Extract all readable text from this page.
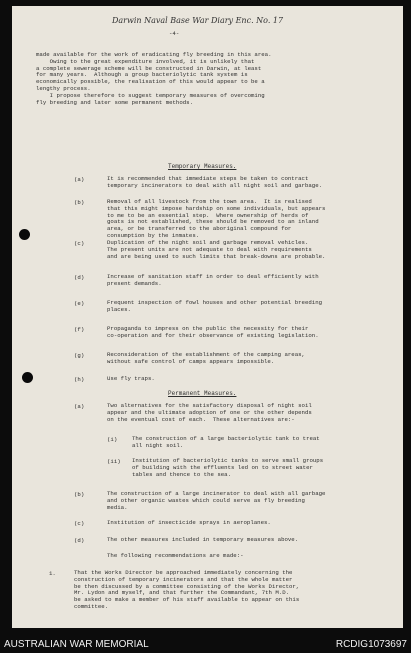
Darwin Naval Base War Diary Enc. No. 17
-4-
made available for the work of eradicating fly breeding in this area.
Owing to the great expenditure involved, it is unlikely that
a complete sewerage scheme will be constructed in Darwin, at least
for many years.  Although a group bacteriolytic tank system is
economically possible, the realisation of this would appear to be a
lengthy process.
I propose therefore to suggest temporary measures of overcoming
fly breeding and later some permanent methods.
Temporary Measures.
(a)	It is recommended that immediate steps be taken to contract
temporary incinerators to deal with all night soil and garbage.
(b)	Removal of all livestock from the town area.  It is realised
that this might impose hardship on some individuals, but appears
to me to be an essential step.  Where ownership of herds of
goats is not established, these should be removed to an inland
area, or be transferred to the aboriginal compound for
consumption by the inmates.
(c)	Duplication of the night soil and garbage removal vehicles.
The present units are not adequate to deal with requirements
and are being used to such limits that break-downs are probable.
(d)	Increase of sanitation staff in order to deal efficiently with
present demands.
(e)	Frequent inspection of fowl houses and other potential breeding
places.
(f)	Propaganda to impress on the public the necessity for their
co-operation and for their observance of existing legislation.
(g)	Reconsideration of the establishment of the camping areas,
without safe control of camps appears impossible.
(h)	Use fly traps.
Permanent Measures.
(a)	Two alternatives for the satisfactory disposal of night soil
appear and the ultimate adoption of one or the other depends
on the eventual cost of each.  These alternatives are:-
(i)	The construction of a large bacteriolytic tank to treat
all night soil.
(ii) Institution of bacteriolytic tanks to serve small groups
of building with the effluents led on to street water
tables and thence to the sea.
(b)	The construction of a large incinerator to deal with all garbage
and other organic wastes which could serve as fly breeding
media.
(c)	Institution of insecticide sprays in aeroplanes.
(d)	The other measures included in temporary measures above.
The following recommendations are made:-
1.	That the Works Director be approached immediately concerning the
construction of temporary incinerators and that the whole matter
be then discussed by a committee consisting of the Works Director,
Mr. Lydon and myself, and that further the Commandant, 7th M.D.
be asked to make a member of his staff available to appear on this
committee.
AUSTRALIAN WAR MEMORIAL	RCDIG1073697
